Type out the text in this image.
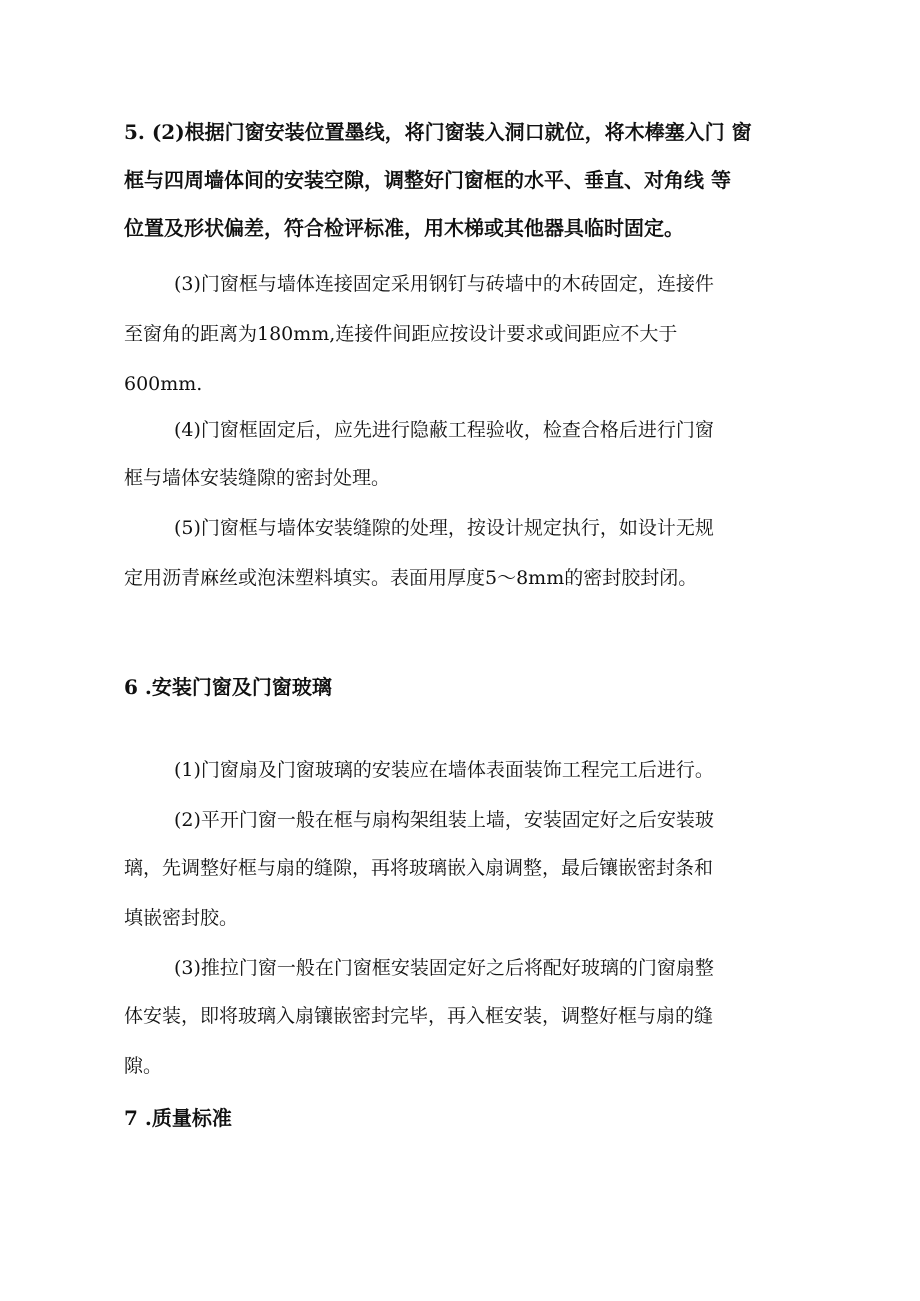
5. (2)根据门窗安装位置墨线，将门窗装入洞口就位，将木棒塞入门 窗
框与四周墙体间的安装空隙，调整好门窗框的水平、垂直、对角线 等
位置及形状偏差，符合检评标准，用木梯或其他器具临时固定。
(3)门窗框与墙体连接固定采用钢钉与砖墙中的木砖固定，连接件
至窗角的距离为180mm,连接件间距应按设计要求或间距应不大于
600mm.
(4)门窗框固定后，应先进行隐蔽工程验收，检查合格后进行门窗
框与墙体安装缝隙的密封处理。
(5)门窗框与墙体安装缝隙的处理，按设计规定执行，如设计无规
定用沥青麻丝或泡沫塑料填实。表面用厚度5～8mm的密封胶封闭。
6 .安装门窗及门窗玻璃
(1)门窗扇及门窗玻璃的安装应在墙体表面装饰工程完工后进行。
(2)平开门窗一般在框与扇构架组装上墙，安装固定好之后安装玻
璃，先调整好框与扇的缝隙，再将玻璃嵌入扇调整，最后镶嵌密封条和
填嵌密封胶。
(3)推拉门窗一般在门窗框安装固定好之后将配好玻璃的门窗扇整
体安装，即将玻璃入扇镶嵌密封完毕，再入框安装，调整好框与扇的缝
隙。
7 .质量标准
